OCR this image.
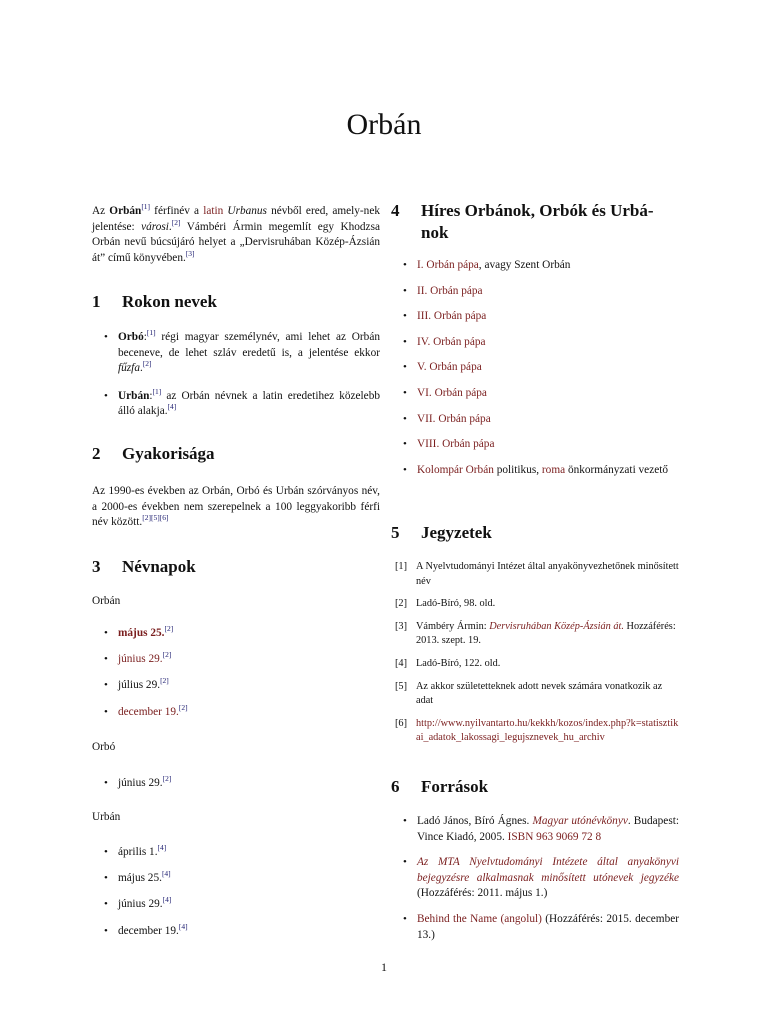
Orbán

Az Orbán[1] férfinév a latin Urbanus névből ered, amely-nek jelentése: városi.[2] Vámbéri Ármin megemlít egy Khodzsa Orbán nevű búcsújáró helyet a „Dervisruhában Közép-Ázsián át” című könyvében.[3]

1 Rokon nevek
• Orbó:[1] régi magyar személynév, ami lehet az Orbán beceneve, de lehet szláv eredetű is, a jelentése ekkor fűzfa.[2]
• Urbán:[1] az Orbán névnek a latin eredetihez közelebb álló alakja.[4]
2 Gyakorisága

Az 1990-es években az Orbán, Orbó és Urbán szórványos név, a 2000-es években nem szerepelnek a 100 leggyakoribb férfi név között.[2][5][6]

3 Névnapok
Orbán
• május 25.[2]
• június 29.[2]
• július 29.[2]
• december 19.[2]
Orbó
• június 29.[2]
Urbán
• április 1.[4]
• május 25.[4]
• június 29.[4]
• december 19.[4]
4	Híres Orbánok, Orbók és Urbá-nok
• I. Orbán pápa, avagy Szent Orbán
• II. Orbán pápa
• III. Orbán pápa
• IV. Orbán pápa
• V. Orbán pápa
• VI. Orbán pápa
• VII. Orbán pápa
• VIII. Orbán pápa
• Kolompár Orbán politikus, roma önkormányzati vezető
5 Jegyzetek
[1] A Nyelvtudományi Intézet által anyakönyvezhetőnek minősített név
[2] Ladó-Bíró, 98. old.
[3] Vámbéry Ármin: Dervisruhában Közép-Ázsián át. Hozzáférés: 2013. szept. 19.
[4] Ladó-Bíró, 122. old.
[5] Az akkor születetteknek adott nevek számára vonatkozik az adat
[6] http://www.nyilvantarto.hu/kekkh/kozos/index.php?k=statisztikai_adatok_lakossagi_legujsznevek_hu_archiv
6 Források
• Ladó János, Bíró Ágnes. Magyar utónévkönyv. Budapest: Vince Kiadó, 2005. ISBN 963 9069 72 8
• Az MTA Nyelvtudományi Intézete által anyakönyvi bejegyzésre alkalmasnak minősített utónevek jegyzéke (Hozzáférés: 2011. május 1.)
• Behind the Name (angolul) (Hozzáférés: 2015. december 13.)
1
